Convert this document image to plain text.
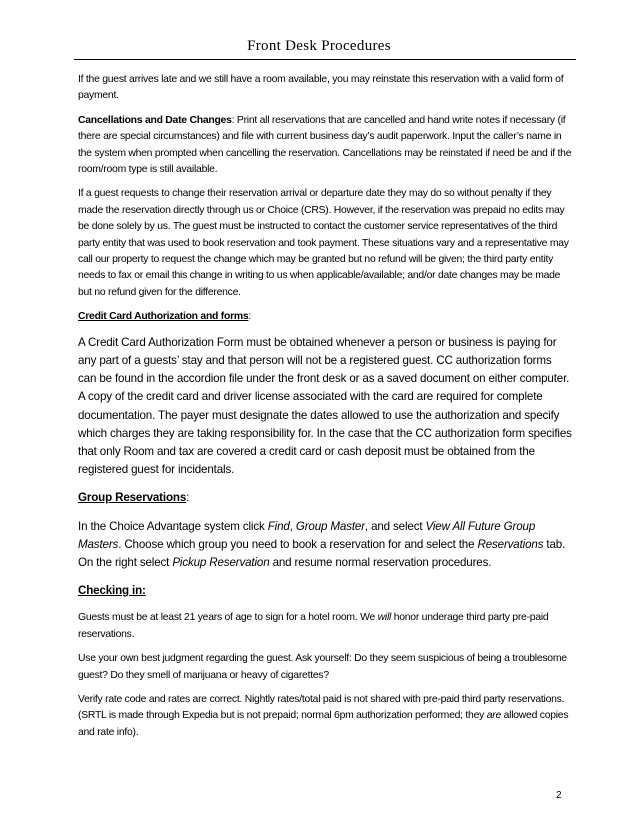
Front Desk Procedures

If the guest arrives late and we still have a room available, you may reinstate this reservation with a valid form of payment.

Cancellations and Date Changes: Print all reservations that are cancelled and hand write notes if necessary (if there are special circumstances) and file with current business day’s audit paperwork. Input the caller’s name in the system when prompted when cancelling the reservation. Cancellations may be reinstated if need be and if the room/room type is still available.

If a guest requests to change their reservation arrival or departure date they may do so without penalty if they made the reservation directly through us or Choice (CRS). However, if the reservation was prepaid no edits may be done solely by us. The guest must be instructed to contact the customer service representatives of the third party entity that was used to book reservation and took payment. These situations vary and a representative may call our property to request the change which may be granted but no refund will be given; the third party entity needs to fax or email this change in writing to us when applicable/available; and/or date changes may be made but no refund given for the difference.

Credit Card Authorization and forms:

A Credit Card Authorization Form must be obtained whenever a person or business is paying for any part of a guests’ stay and that person will not be a registered guest. CC authorization forms can be found in the accordion file under the front desk or as a saved document on either computer. A copy of the credit card and driver license associated with the card are required for complete documentation. The payer must designate the dates allowed to use the authorization and specify which charges they are taking responsibility for. In the case that the CC authorization form specifies that only Room and tax are covered a credit card or cash deposit must be obtained from the registered guest for incidentals.

Group Reservations:

In the Choice Advantage system click Find, Group Master, and select View All Future Group Masters. Choose which group you need to book a reservation for and select the Reservations tab. On the right select Pickup Reservation and resume normal reservation procedures.

Checking in:

Guests must be at least 21 years of age to sign for a hotel room. We will honor underage third party pre-paid reservations.

Use your own best judgment regarding the guest. Ask yourself: Do they seem suspicious of being a troublesome guest? Do they smell of marijuana or heavy of cigarettes?

Verify rate code and rates are correct. Nightly rates/total paid is not shared with pre-paid third party reservations. (SRTL is made through Expedia but is not prepaid; normal 6pm authorization performed; they are allowed copies and rate info).

2
